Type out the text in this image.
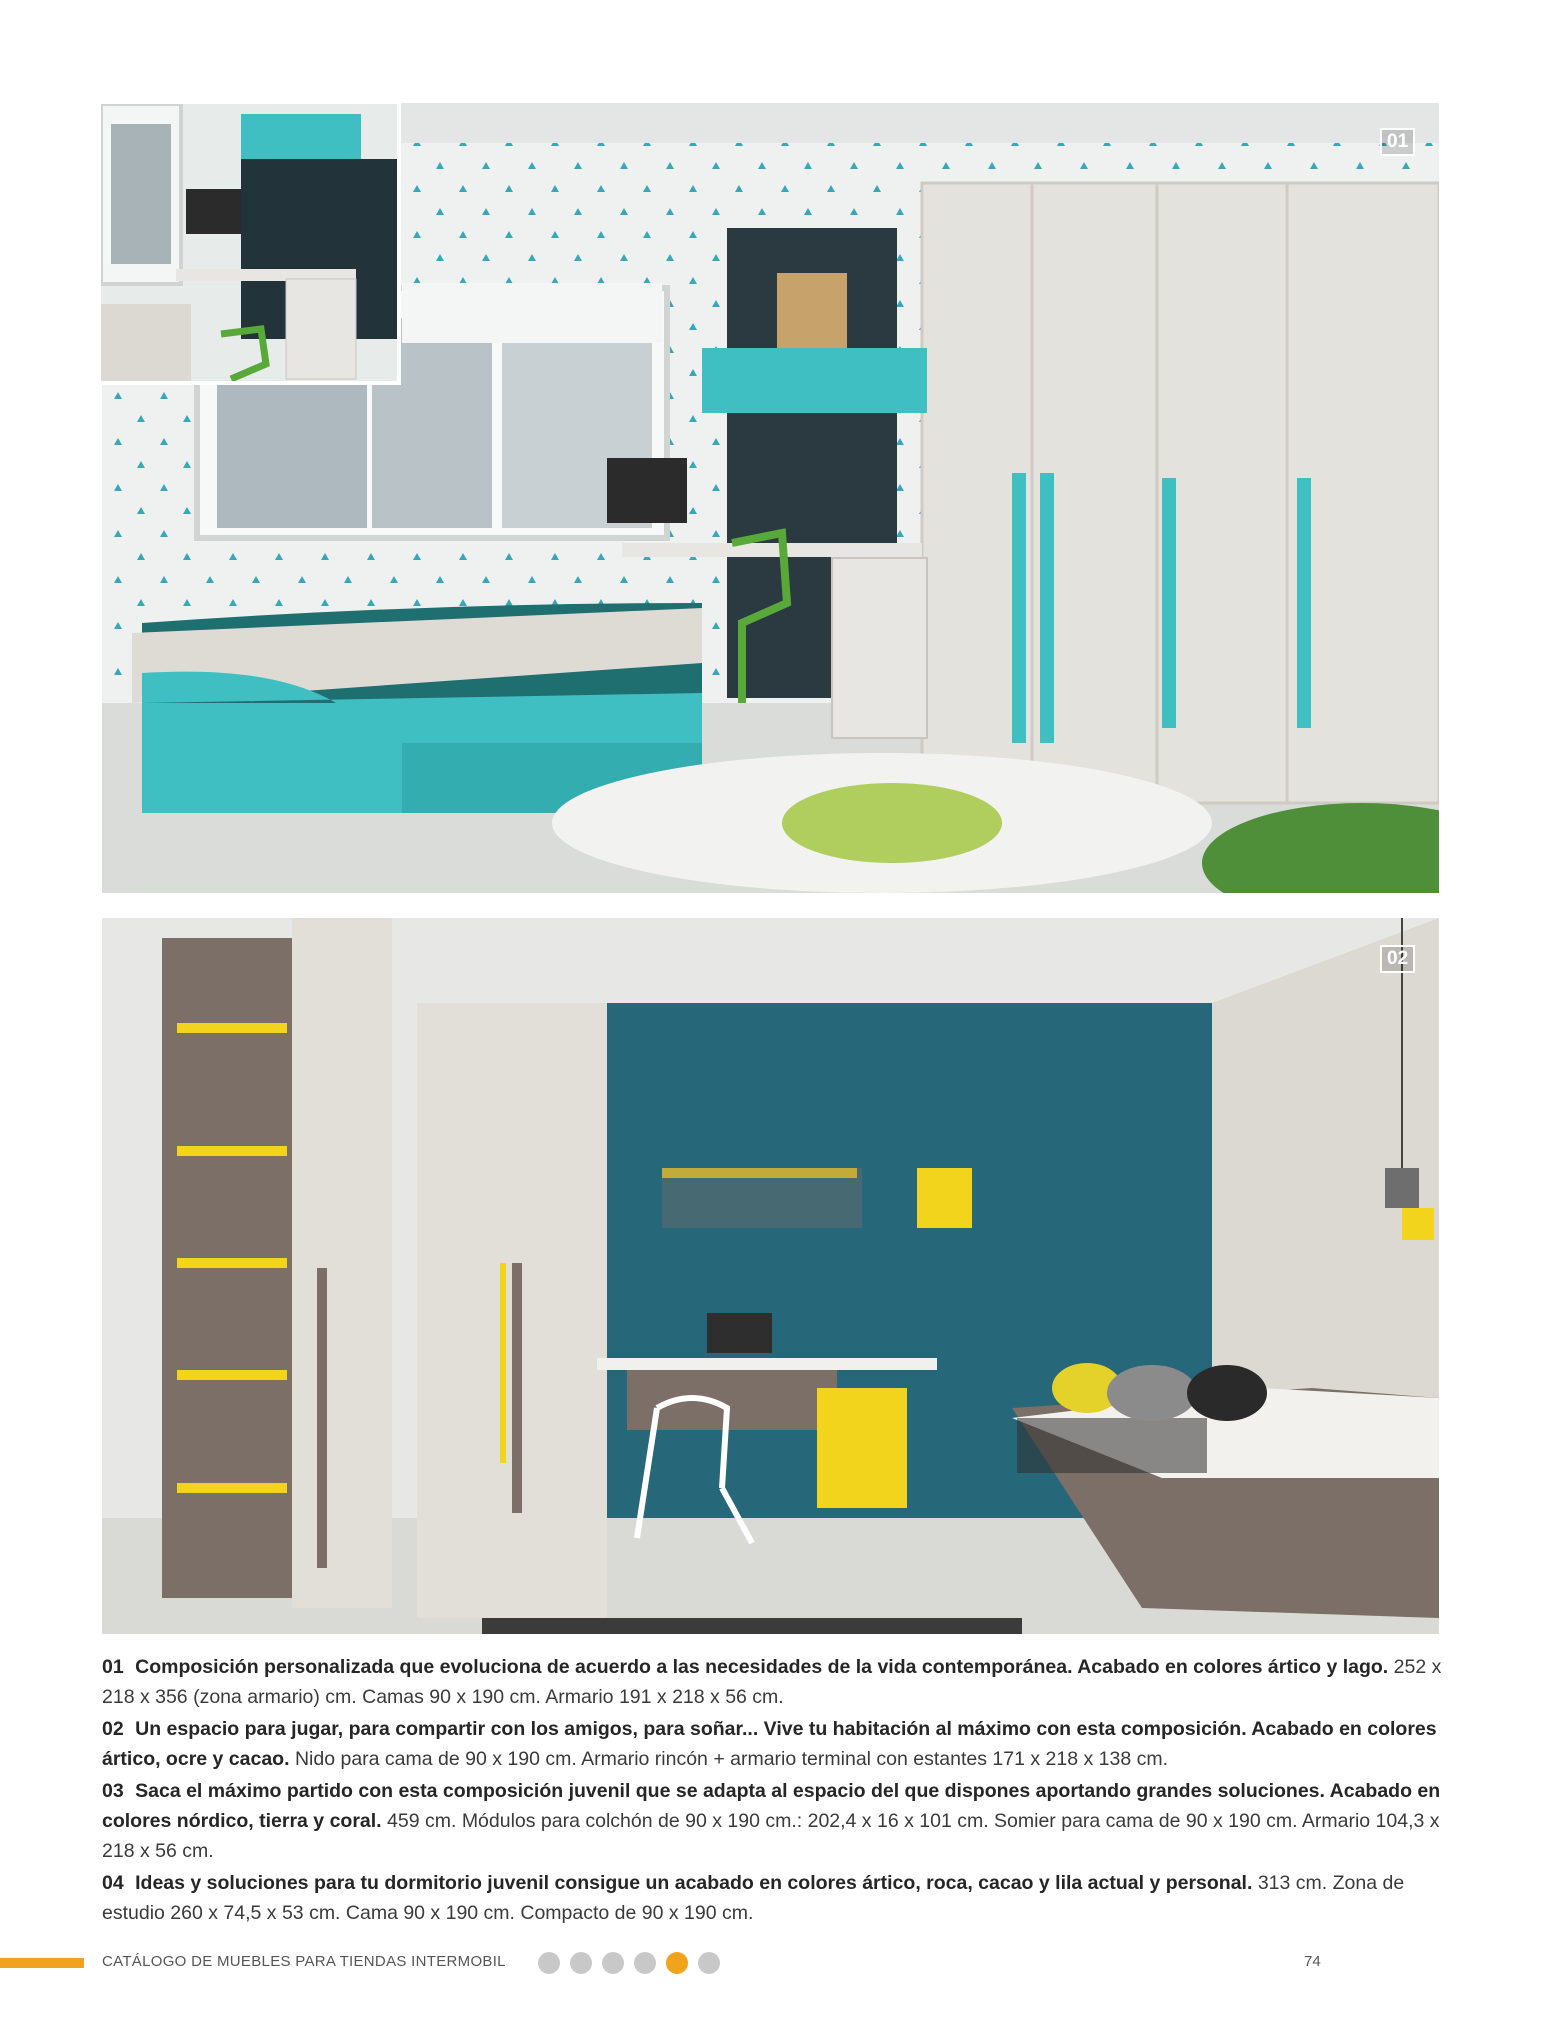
01
02

01 Composición personalizada que evoluciona de acuerdo a las necesidades de la vida contemporánea. Acabado en colores ártico y lago. 252 x 218 x 356 (zona armario) cm. Camas 90 x 190 cm. Armario 191 x 218 x 56 cm.

02 Un espacio para jugar, para compartir con los amigos, para soñar... Vive tu habitación al máximo con esta composición. Acabado en colores ártico, ocre y cacao. Nido para cama de 90 x 190 cm. Armario rincón + armario terminal con estantes 171 x 218 x 138 cm.

03 Saca el máximo partido con esta composición juvenil que se adapta al espacio del que dispones aportando grandes soluciones. Acabado en colores nórdico, tierra y coral. 459 cm. Módulos para colchón de 90 x 190 cm.: 202,4 x 16 x 101 cm. Somier para cama de 90 x 190 cm. Armario 104,3 x 218 x 56 cm.

04 Ideas y soluciones para tu dormitorio juvenil consigue un acabado en colores ártico, roca, cacao y lila actual y personal. 313 cm. Zona de estudio 260 x 74,5 x 53 cm. Cama 90 x 190 cm. Compacto de 90 x 190 cm.

CATÁLOGO DE MUEBLES PARA TIENDAS INTERMOBIL	74
